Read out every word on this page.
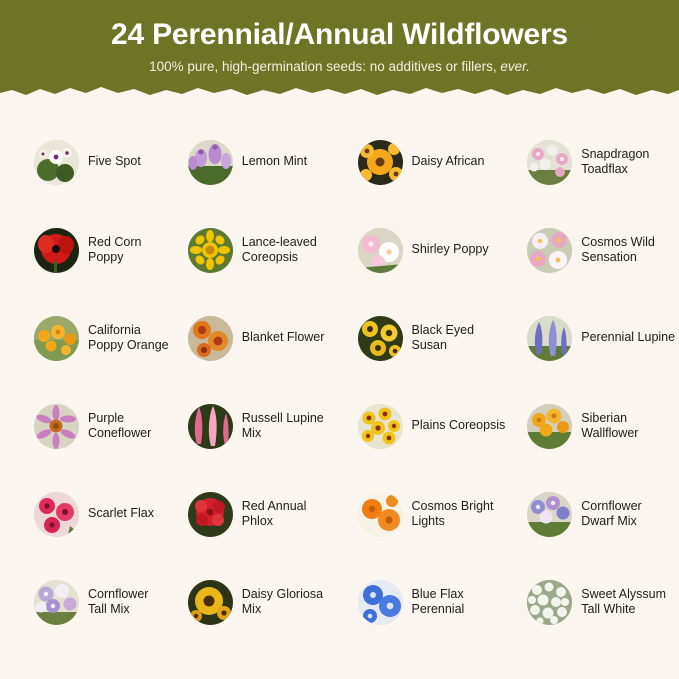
24 Perennial/Annual Wildflowers
100% pure, high-germination seeds: no additives or fillers, ever.
Five Spot	Lemon Mint	Daisy African
Snapdragon Toadflax
Red Corn Poppy
Lance-leaved Coreopsis
Shirley Poppy
Cosmos Wild Sensation
California Poppy Orange
Blanket Flower
Black Eyed Susan
Perennial Lupine
Purple Coneflower
Russell Lupine Mix
Plains Coreopsis
Siberian Wallflower
Scarlet Flax
Red Annual Phlox
Cosmos Bright Lights
Cornflower Dwarf Mix
Cornflower Tall Mix
Daisy Gloriosa Mix
Blue Flax Perennial
Sweet Alyssum Tall White
